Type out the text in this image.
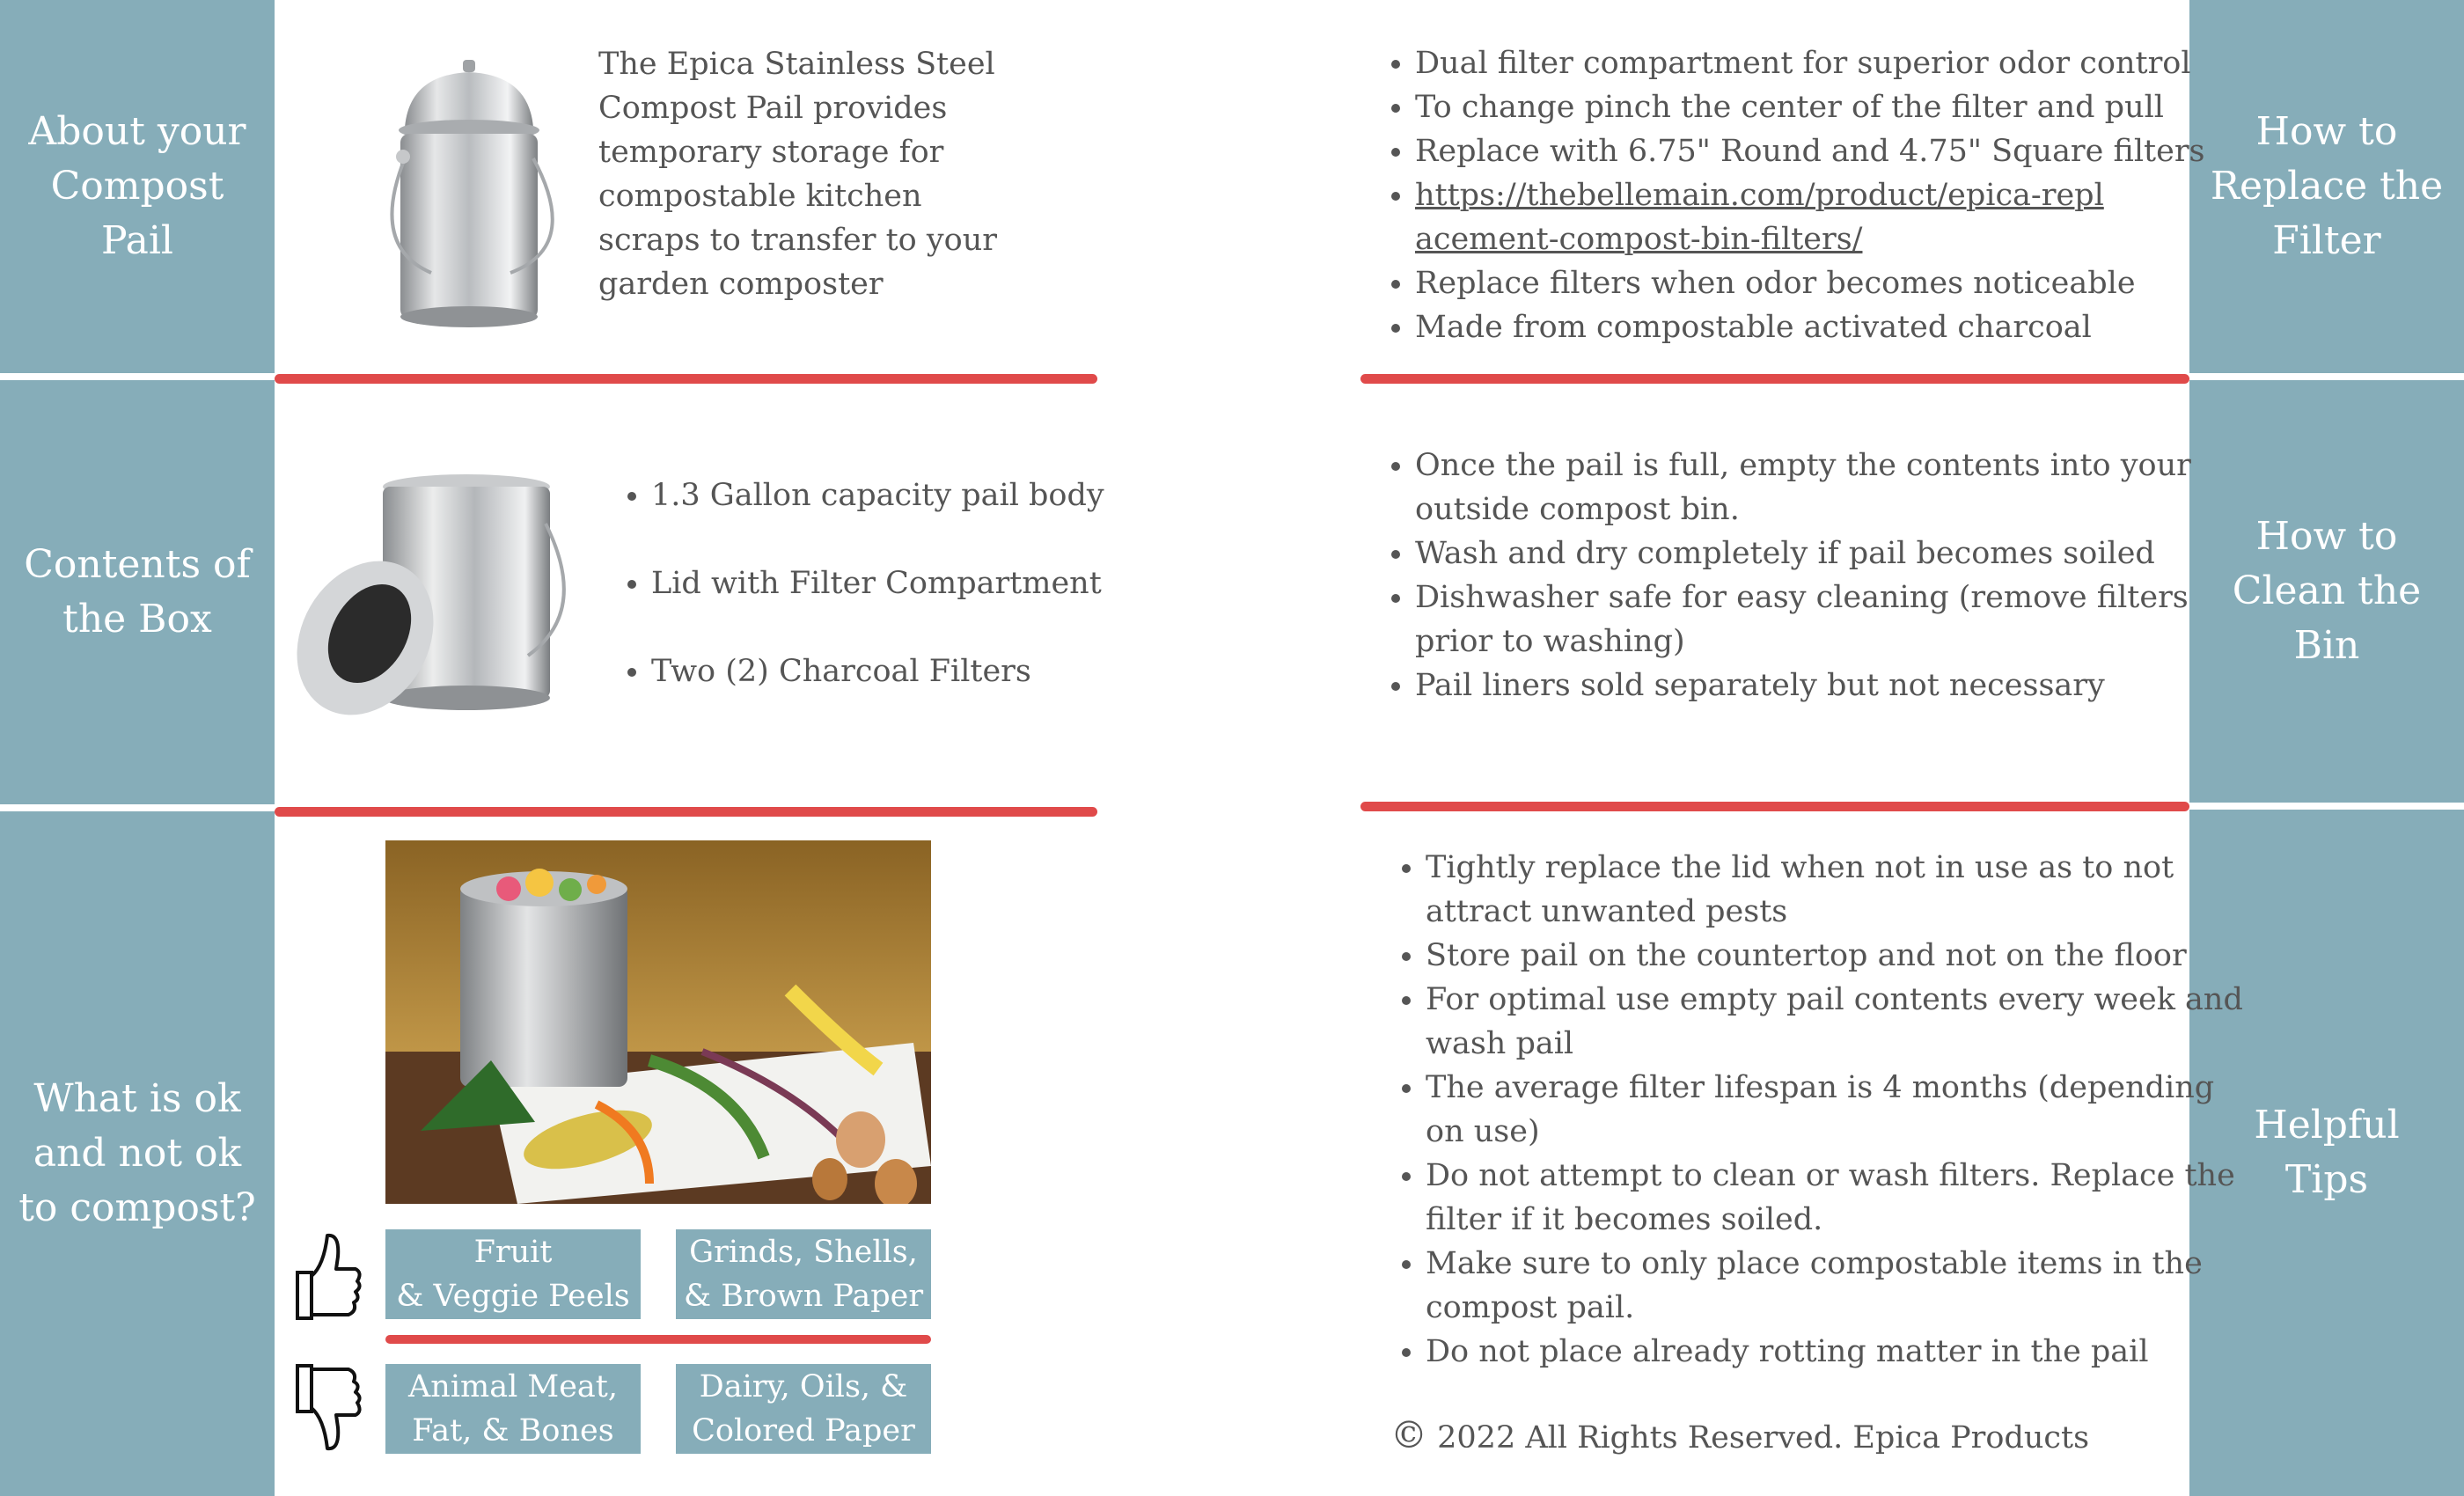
About your
Compost
Pail
Contents of
the Box
What is ok
and not ok
to compost?
How to
Replace the
Filter
How to
Clean the
Bin
Helpful
Tips
The Epica Stainless Steel Compost Pail provides temporary storage for compostable kitchen scraps to transfer to your garden composter
• 1.3 Gallon capacity pail body
• Lid with Filter Compartment
• Two (2) Charcoal Filters
Fruit
& Veggie Peels
Grinds, Shells,
& Brown Paper
Animal Meat,
Fat, & Bones
Dairy, Oils, &
Colored Paper
• Dual filter compartment for superior odor control
• To change pinch the center of the filter and pull
• Replace with 6.75" Round and 4.75" Square filters
• https://thebellemain.com/product/epica-replacement-compost-bin-filters/
• Replace filters when odor becomes noticeable
• Made from compostable activated charcoal
• Once the pail is full, empty the contents into your outside compost bin.
• Wash and dry completely if pail becomes soiled
• Dishwasher safe for easy cleaning (remove filters prior to washing)
• Pail liners sold separately but not necessary
• Tightly replace the lid when not in use as to not attract unwanted pests
• Store pail on the countertop and not on the floor
• For optimal use empty pail contents every week and wash pail
• The average filter lifespan is 4 months (depending on use)
• Do not attempt to clean or wash filters. Replace the filter if it becomes soiled.
• Make sure to only place compostable items in the compost pail.
• Do not place already rotting matter in the pail
© 2022 All Rights Reserved. Epica Products
